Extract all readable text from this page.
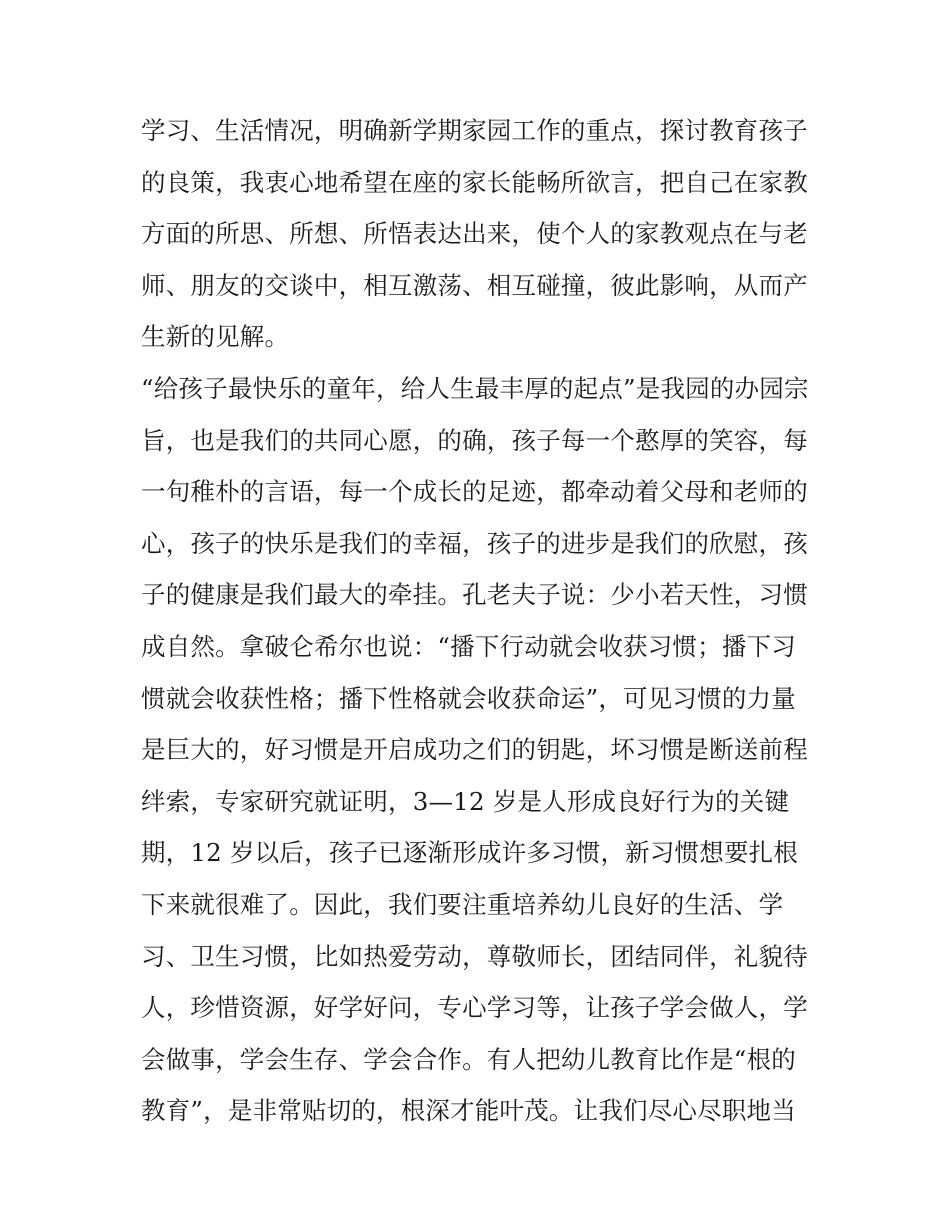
学习、生活情况，明确新学期家园工作的重点，探讨教育孩子
的良策，我衷心地希望在座的家长能畅所欲言，把自己在家教
方面的所思、所想、所悟表达出来，使个人的家教观点在与老
师、朋友的交谈中，相互激荡、相互碰撞，彼此影响，从而产
生新的见解。
“给孩子最快乐的童年，给人生最丰厚的起点”是我园的办园宗
旨，也是我们的共同心愿，的确，孩子每一个憨厚的笑容，每
一句稚朴的言语，每一个成长的足迹，都牵动着父母和老师的
心，孩子的快乐是我们的幸福，孩子的进步是我们的欣慰，孩
子的健康是我们最大的牵挂。孔老夫子说：少小若天性，习惯
成自然。拿破仑希尔也说：“播下行动就会收获习惯；播下习
惯就会收获性格；播下性格就会收获命运”，可见习惯的力量
是巨大的，好习惯是开启成功之们的钥匙，坏习惯是断送前程
绊索，专家研究就证明，3—12 岁是人形成良好行为的关键
期，12 岁以后，孩子已逐渐形成许多习惯，新习惯想要扎根
下来就很难了。因此，我们要注重培养幼儿良好的生活、学
习、卫生习惯，比如热爱劳动，尊敬师长，团结同伴，礼貌待
人，珍惜资源，好学好问，专心学习等，让孩子学会做人，学
会做事，学会生存、学会合作。有人把幼儿教育比作是“根的
教育”，是非常贴切的，根深才能叶茂。让我们尽心尽职地当
